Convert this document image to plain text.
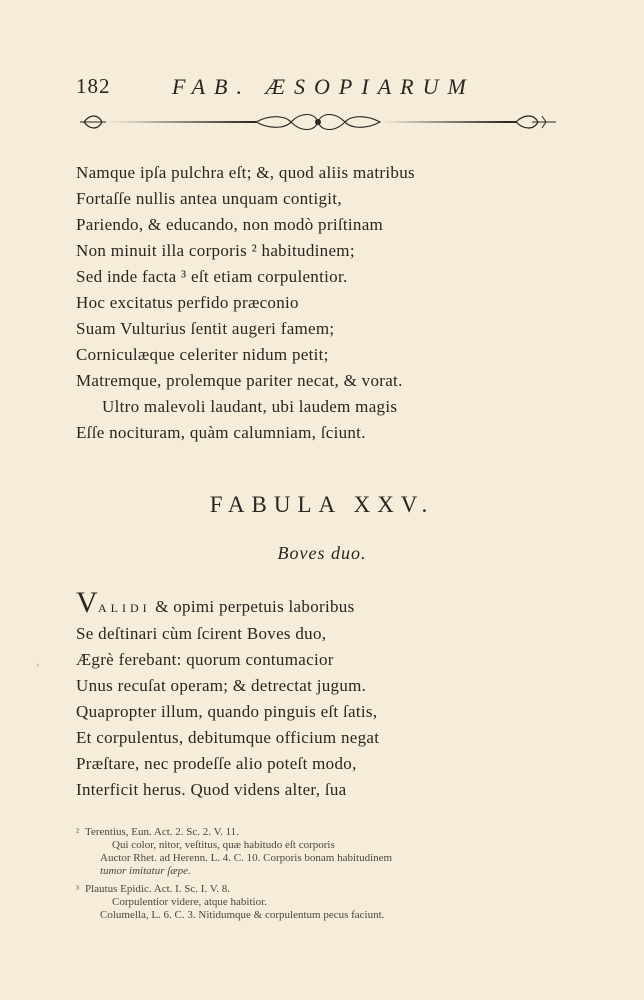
182	FAB. ÆSOPIARUM
Namque ipſa pulchra eſt; &, quod aliis matribus
Fortaſſe nullis antea unquam contigit,
Pariendo, & educando, non modò priſtinam
Non minuit illa corporis ² habitudinem;
Sed inde facta ³ eſt etiam corpulentior.
Hoc excitatus perfido præconio
Suam Vulturius ſentit augeri famem;
Corniculæque celeriter nidum petit;
Matremque, prolemque pariter necat, & vorat.
Ultro malevoli laudant, ubi laudem magis
Eſſe nocituram, quàm calumniam, ſciunt.
FABULA XXV.
Boves duo.
,
VALIDI & opimi perpetuis laboribus
Se deſtinari cùm ſcirent Boves duo,
Ægrè ferebant: quorum contumacior
Unus recuſat operam; & detrectat jugum.
Quapropter illum, quando pinguis eſt ſatis,
Et corpulentus, debitumque officium negat
Præſtare, nec prodeſſe alio poteſt modo,
Interficit herus. Quod videns alter, ſua
² Terentius, Eun. Act. 2. Sc. 2. V. 11.
Qui color, nitor, veſtitus, quæ habitudo eſt corporis
Auctor Rhet. ad Herenn. L. 4. C. 10. Corporis bonam habitudinem
tumor imitatur ſæpe.
³ Plautus Epidic. Act. I. Sc. I. V. 8.
Corpulentior videre, atque habitior.
Columella, L. 6. C. 3. Nitidumque & corpulentum pecus faciunt.
